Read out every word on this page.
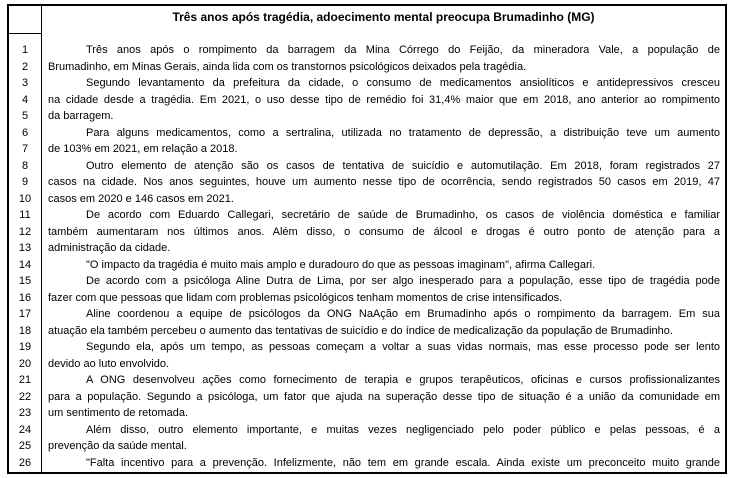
Três anos após tragédia, adoecimento mental preocupa Brumadinho (MG)
1
2
3
4
5
6
7
8
9
10
11
12
13
14
15
16
17
18
19
20
21
22
23
24
25
26
Três anos após o rompimento da barragem da Mina Córrego do Feijão, da mineradora Vale, a população de
Brumadinho, em Minas Gerais, ainda lida com os transtornos psicológicos deixados pela tragédia.
Segundo levantamento da prefeitura da cidade, o consumo de medicamentos ansiolíticos e antidepressivos cresceu
na cidade desde a tragédia. Em 2021, o uso desse tipo de remédio foi 31,4% maior que em 2018, ano anterior ao rompimento
da barragem.
Para alguns medicamentos, como a sertralina, utilizada no tratamento de depressão, a distribuição teve um aumento
de 103% em 2021, em relação a 2018.
Outro elemento de atenção são os casos de tentativa de suicídio e automutilação. Em 2018, foram registrados 27
casos na cidade. Nos anos seguintes, houve um aumento nesse tipo de ocorrência, sendo registrados 50 casos em 2019, 47
casos em 2020 e 146 casos em 2021.
De acordo com Eduardo Callegari, secretário de saúde de Brumadinho, os casos de violência doméstica e familiar
também aumentaram nos últimos anos. Além disso, o consumo de álcool e drogas é outro ponto de atenção para a
administração da cidade.
"O impacto da tragédia é muito mais amplo e duradouro do que as pessoas imaginam", afirma Callegari.
De acordo com a psicóloga Aline Dutra de Lima, por ser algo inesperado para a população, esse tipo de tragédia pode
fazer com que pessoas que lidam com problemas psicológicos tenham momentos de crise intensificados.
Aline coordenou a equipe de psicólogos da ONG NaAção em Brumadinho após o rompimento da barragem. Em sua
atuação ela também percebeu o aumento das tentativas de suicídio e do índice de medicalização da população de Brumadinho.
Segundo ela, após um tempo, as pessoas começam a voltar a suas vidas normais, mas esse processo pode ser lento
devido ao luto envolvido.
A ONG desenvolveu ações como fornecimento de terapia e grupos terapêuticos, oficinas e cursos profissionalizantes
para a população. Segundo a psicóloga, um fator que ajuda na superação desse tipo de situação é a união da comunidade em
um sentimento de retomada.
Além disso, outro elemento importante, e muitas vezes negligenciado pelo poder público e pelas pessoas, é a
prevenção da saúde mental.
"Falta incentivo para a prevenção. Infelizmente, não tem em grande escala. Ainda existe um preconceito muito grande
